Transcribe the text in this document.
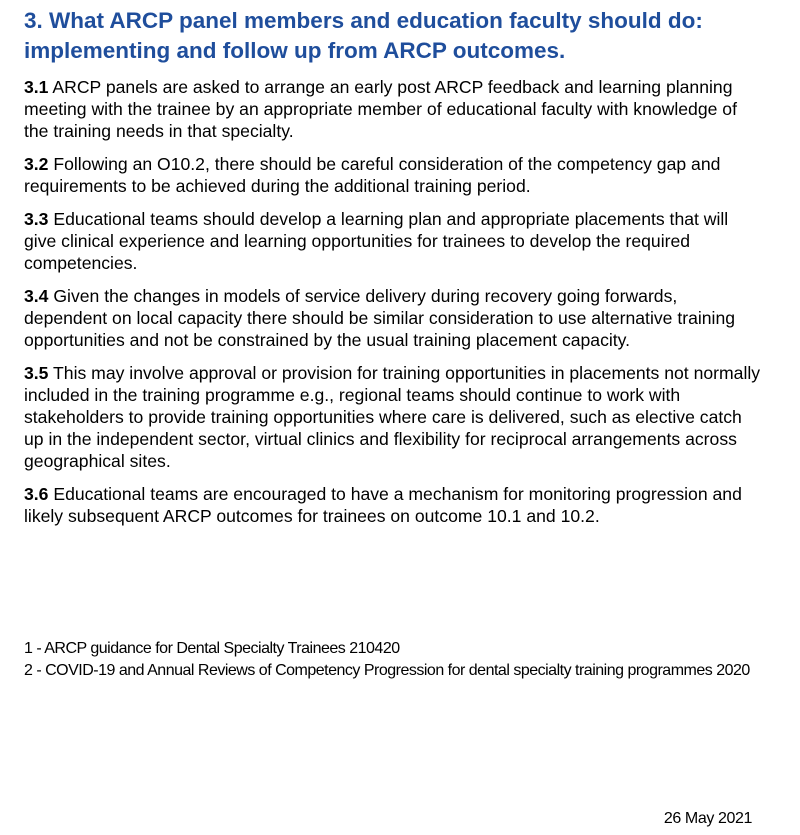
3. What ARCP panel members and education faculty should do: implementing and follow up from ARCP outcomes.

3.1 ARCP panels are asked to arrange an early post ARCP feedback and learning planning meeting with the trainee by an appropriate member of educational faculty with knowledge of the training needs in that specialty.

3.2 Following an O10.2, there should be careful consideration of the competency gap and requirements to be achieved during the additional training period.

3.3 Educational teams should develop a learning plan and appropriate placements that will give clinical experience and learning opportunities for trainees to develop the required competencies.

3.4 Given the changes in models of service delivery during recovery going forwards, dependent on local capacity there should be similar consideration to use alternative training opportunities and not be constrained by the usual training placement capacity.

3.5 This may involve approval or provision for training opportunities in placements not normally included in the training programme e.g., regional teams should continue to work with stakeholders to provide training opportunities where care is delivered, such as elective catch up in the independent sector, virtual clinics and flexibility for reciprocal arrangements across geographical sites.

3.6 Educational teams are encouraged to have a mechanism for monitoring progression and likely subsequent ARCP outcomes for trainees on outcome 10.1 and 10.2.

1 - ARCP guidance for Dental Specialty Trainees 210420
2 - COVID-19 and Annual Reviews of Competency Progression for dental specialty training programmes 2020
26 May 2021
